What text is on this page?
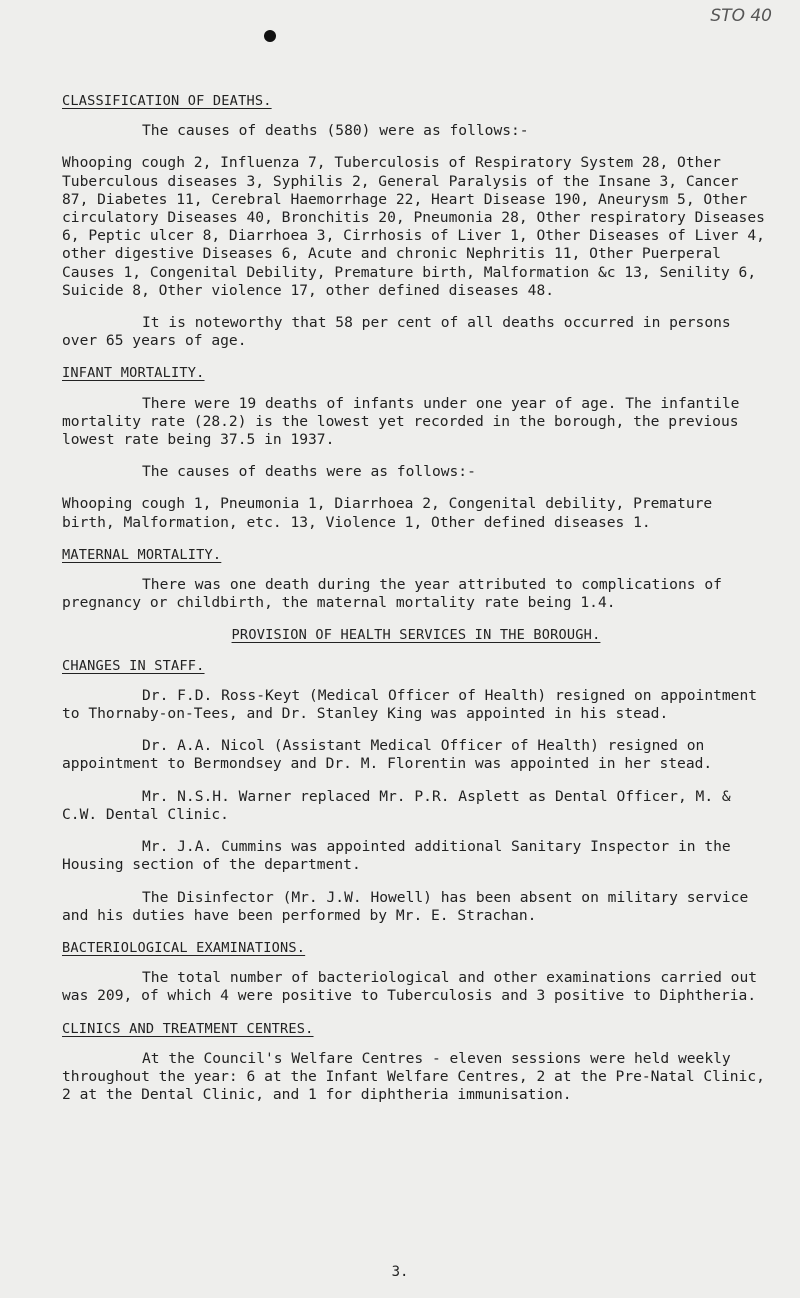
STO 40
CLASSIFICATION OF DEATHS.

The causes of deaths (580) were as follows:-

Whooping cough 2, Influenza 7, Tuberculosis of Respiratory System 28, Other Tuberculous diseases 3, Syphilis 2, General Paralysis of the Insane 3, Cancer 87, Diabetes 11, Cerebral Haemorrhage 22, Heart Disease 190, Aneurysm 5, Other circulatory Diseases 40, Bronchitis 20, Pneumonia 28, Other respiratory Diseases 6, Peptic ulcer 8, Diarrhoea 3, Cirrhosis of Liver 1, Other Diseases of Liver 4, other digestive Diseases 6, Acute and chronic Nephritis 11, Other Puerperal Causes 1, Congenital Debility, Premature birth, Malformation &c 13, Senility 6, Suicide 8, Other violence 17, other defined diseases 48.

It is noteworthy that 58 per cent of all deaths occurred in persons over 65 years of age.

INFANT MORTALITY.

There were 19 deaths of infants under one year of age. The infantile mortality rate (28.2) is the lowest yet recorded in the borough, the previous lowest rate being 37.5 in 1937.

The causes of deaths were as follows:-

Whooping cough 1, Pneumonia 1, Diarrhoea 2, Congenital debility, Premature birth, Malformation, etc. 13, Violence 1, Other defined diseases 1.

MATERNAL MORTALITY.

There was one death during the year attributed to complications of pregnancy or childbirth, the maternal mortality rate being 1.4.

PROVISION OF HEALTH SERVICES IN THE BOROUGH.
CHANGES IN STAFF.

Dr. F.D. Ross-Keyt (Medical Officer of Health) resigned on appointment to Thornaby-on-Tees, and Dr. Stanley King was appointed in his stead.

Dr. A.A. Nicol (Assistant Medical Officer of Health) resigned on appointment to Bermondsey and Dr. M. Florentin was appointed in her stead.

Mr. N.S.H. Warner replaced Mr. P.R. Asplett as Dental Officer, M. & C.W. Dental Clinic.

Mr. J.A. Cummins was appointed additional Sanitary Inspector in the Housing section of the department.

The Disinfector (Mr. J.W. Howell) has been absent on military service and his duties have been performed by Mr. E. Strachan.

BACTERIOLOGICAL EXAMINATIONS.

The total number of bacteriological and other examinations carried out was 209, of which 4 were positive to Tuberculosis and 3 positive to Diphtheria.

CLINICS AND TREATMENT CENTRES.

At the Council's Welfare Centres - eleven sessions were held weekly throughout the year: 6 at the Infant Welfare Centres, 2 at the Pre-Natal Clinic, 2 at the Dental Clinic, and 1 for diphtheria immunisation.

3.
